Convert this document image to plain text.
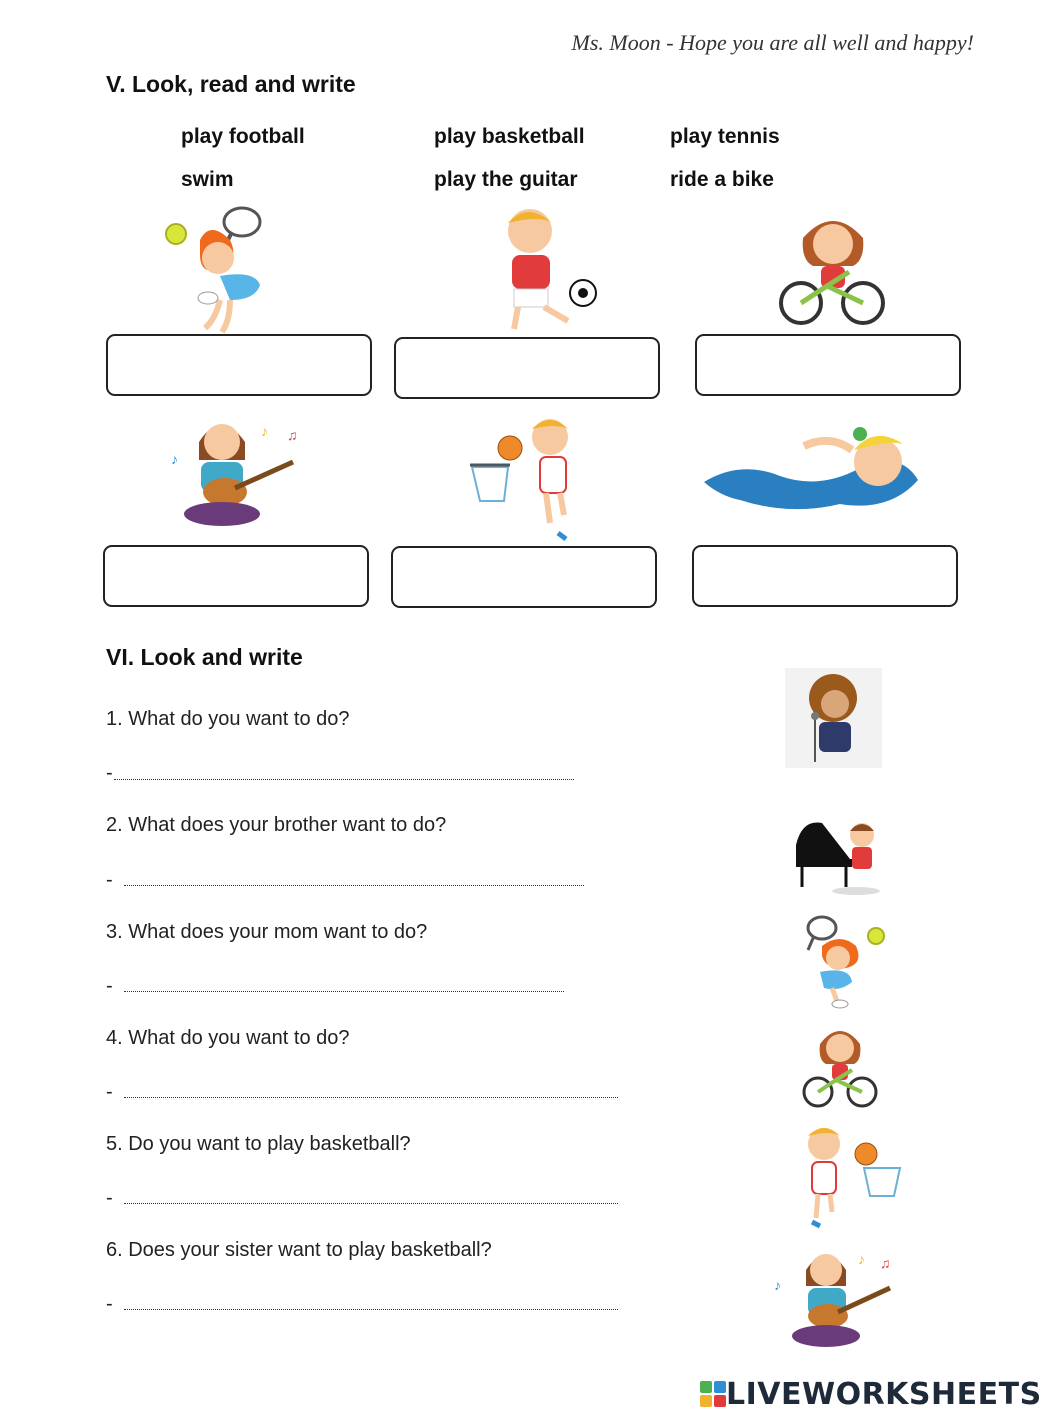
Ms. Moon - Hope you are all well and happy!
V. Look, read and write
play football	play basketball	play tennis
swim	play the guitar	ride a bike
♪
♪ ♫
VI. Look and write
1. What do you want to do?
-
2. What does your brother want to do?
-
3. What does your mom want to do?
-
4. What do you want to do?
-
5. Do you want to play basketball?
-
6. Does your sister want to play basketball?
-
♪
♪ ♫
LIVEWORKSHEETS
